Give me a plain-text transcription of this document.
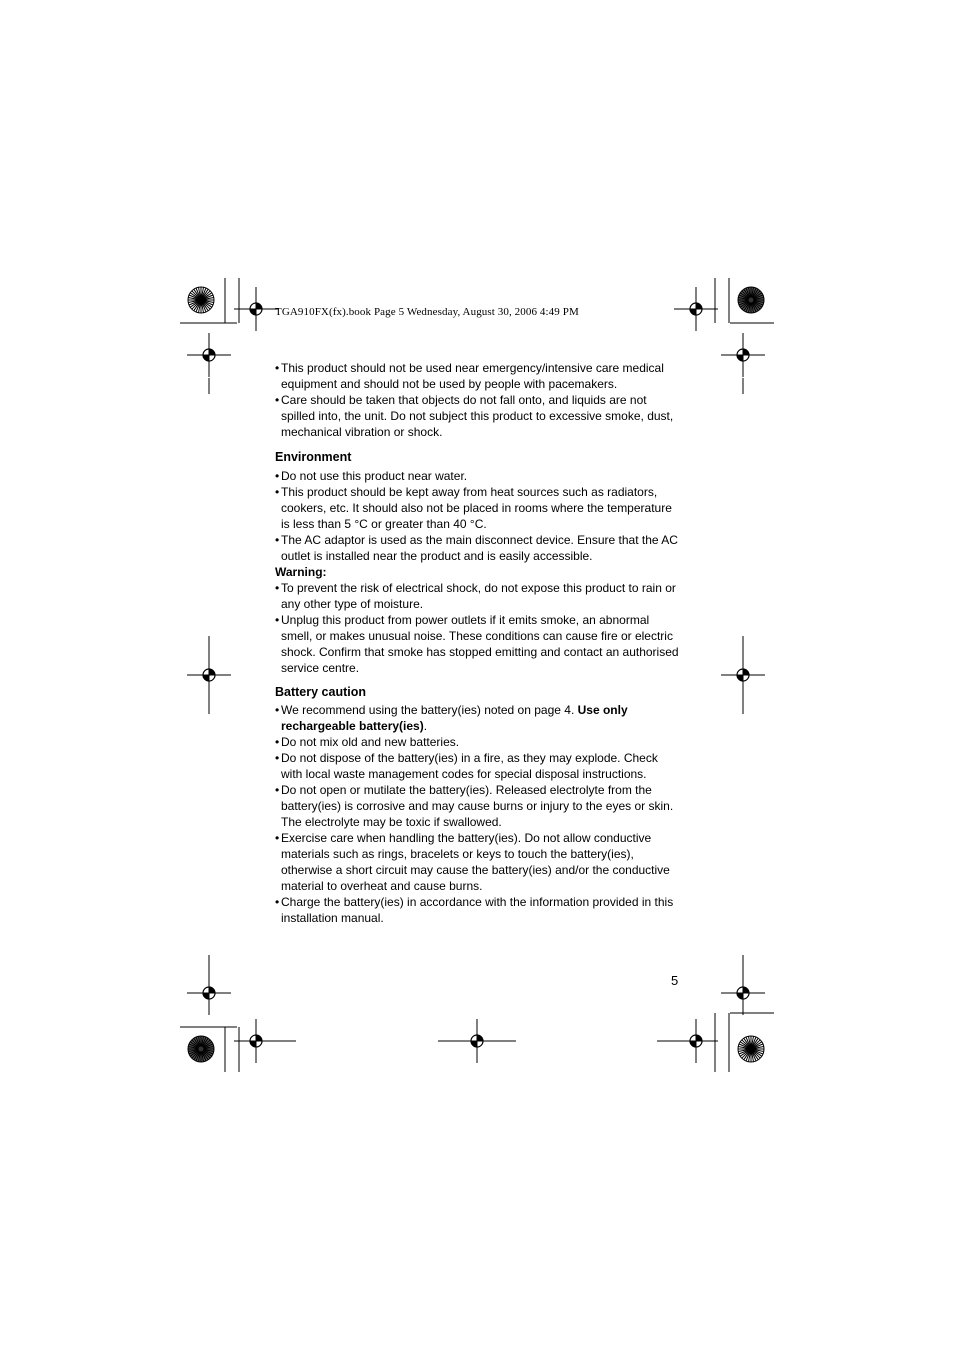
TGA910FX(fx).book Page 5 Wednesday, August 30, 2006 4:49 PM
• This product should not be used near emergency/intensive care medical equipment and should not be used by people with pacemakers.
• Care should be taken that objects do not fall onto, and liquids are not spilled into, the unit. Do not subject this product to excessive smoke, dust, mechanical vibration or shock.
Environment
• Do not use this product near water.
• This product should be kept away from heat sources such as radiators, cookers, etc. It should also not be placed in rooms where the temperature is less than 5 °C or greater than 40 °C.
• The AC adaptor is used as the main disconnect device. Ensure that the AC outlet is installed near the product and is easily accessible.
Warning:
• To prevent the risk of electrical shock, do not expose this product to rain or any other type of moisture.
• Unplug this product from power outlets if it emits smoke, an abnormal smell, or makes unusual noise. These conditions can cause fire or electric shock. Confirm that smoke has stopped emitting and contact an authorised service centre.
Battery caution
• We recommend using the battery(ies) noted on page 4. Use only rechargeable battery(ies).
• Do not mix old and new batteries.
• Do not dispose of the battery(ies) in a fire, as they may explode. Check with local waste management codes for special disposal instructions.
• Do not open or mutilate the battery(ies). Released electrolyte from the battery(ies) is corrosive and may cause burns or injury to the eyes or skin. The electrolyte may be toxic if swallowed.
• Exercise care when handling the battery(ies). Do not allow conductive materials such as rings, bracelets or keys to touch the battery(ies), otherwise a short circuit may cause the battery(ies) and/or the conductive material to overheat and cause burns.
• Charge the battery(ies) in accordance with the information provided in this installation manual.
5
